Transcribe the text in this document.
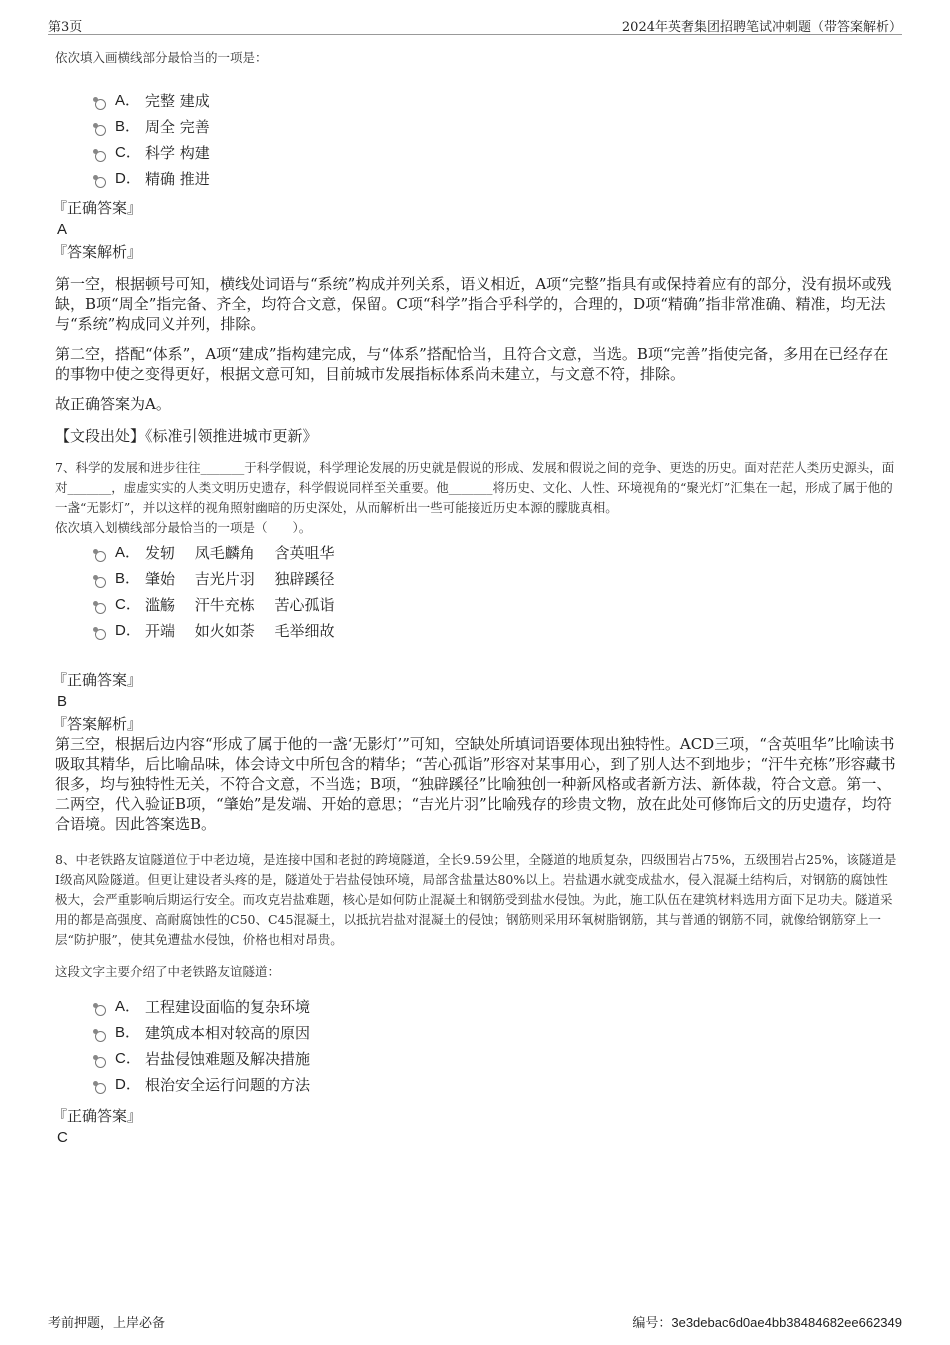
第3页	2024年英奢集团招聘笔试冲刺题（带答案解析）

依次填入画横线部分最恰当的一项是：

A． 完整 建成
B． 周全 完善
C． 科学 构建
D． 精确 推进

『正确答案』

A

『答案解析』

第一空，根据顿号可知，横线处词语与“系统”构成并列关系，语义相近，A项“完整”指具有或保持着应有的部分，没有损坏或残缺，B项“周全”指完备、齐全，均符合文意，保留。C项“科学”指合乎科学的，合理的，D项“精确”指非常准确、精准，均无法与“系统”构成同义并列，排除。

第二空，搭配“体系”，A项“建成”指构建完成，与“体系”搭配恰当，且符合文意，当选。B项“完善”指使完备，多用在已经存在的事物中使之变得更好，根据文意可知，目前城市发展指标体系尚未建立，与文意不符，排除。

故正确答案为A。

【文段出处】《标准引领推进城市更新》

7、科学的发展和进步往往_______于科学假说，科学理论发展的历史就是假说的形成、发展和假说之间的竞争、更迭的历史。面对茫茫人类历史源头，面对_______，虚虚实实的人类文明历史遗存，科学假说同样至关重要。他_______将历史、文化、人性、环境视角的“聚光灯”汇集在一起，形成了属于他的一盏“无影灯”，并以这样的视角照射幽暗的历史深处，从而解析出一些可能接近历史本源的朦胧真相。

依次填入划横线部分最恰当的一项是（　　）。

A． 发轫　 凤毛麟角　 含英咀华
B． 肇始　 吉光片羽　 独辟蹊径
C． 滥觞　 汗牛充栋　 苦心孤诣
D． 开端　 如火如荼　 毛举细故

『正确答案』

B

『答案解析』

第三空，根据后边内容“形成了属于他的一盏‘无影灯’”可知，空缺处所填词语要体现出独特性。ACD三项，“含英咀华”比喻读书吸取其精华，后比喻品味，体会诗文中所包含的精华；“苦心孤诣”形容对某事用心，到了别人达不到地步；“汗牛充栋”形容藏书很多，均与独特性无关，不符合文意，不当选；B项，“独辟蹊径”比喻独创一种新风格或者新方法、新体裁，符合文意。第一、二两空，代入验证B项，“肇始”是发端、开始的意思；“吉光片羽”比喻残存的珍贵文物，放在此处可修饰后文的历史遗存，均符合语境。因此答案选B。

8、中老铁路友谊隧道位于中老边境，是连接中国和老挝的跨境隧道，全长9.59公里，全隧道的地质复杂，四级围岩占75%，五级围岩占25%，该隧道是I级高风险隧道。但更让建设者头疼的是，隧道处于岩盐侵蚀环境，局部含盐量达80%以上。岩盐遇水就变成盐水，侵入混凝土结构后，对钢筋的腐蚀性极大，会严重影响后期运行安全。而攻克岩盐难题，核心是如何防止混凝土和钢筋受到盐水侵蚀。为此，施工队伍在建筑材料选用方面下足功夫。隧道采用的都是高强度、高耐腐蚀性的C50、C45混凝土，以抵抗岩盐对混凝土的侵蚀；钢筋则采用环氧树脂钢筋，其与普通的钢筋不同，就像给钢筋穿上一层“防护服”，使其免遭盐水侵蚀，价格也相对昂贵。

这段文字主要介绍了中老铁路友谊隧道：

A． 工程建设面临的复杂环境
B． 建筑成本相对较高的原因
C． 岩盐侵蚀难题及解决措施
D． 根治安全运行问题的方法

『正确答案』

C

考前押题，上岸必备	编号：3e3debac6d0ae4bb38484682ee662349
